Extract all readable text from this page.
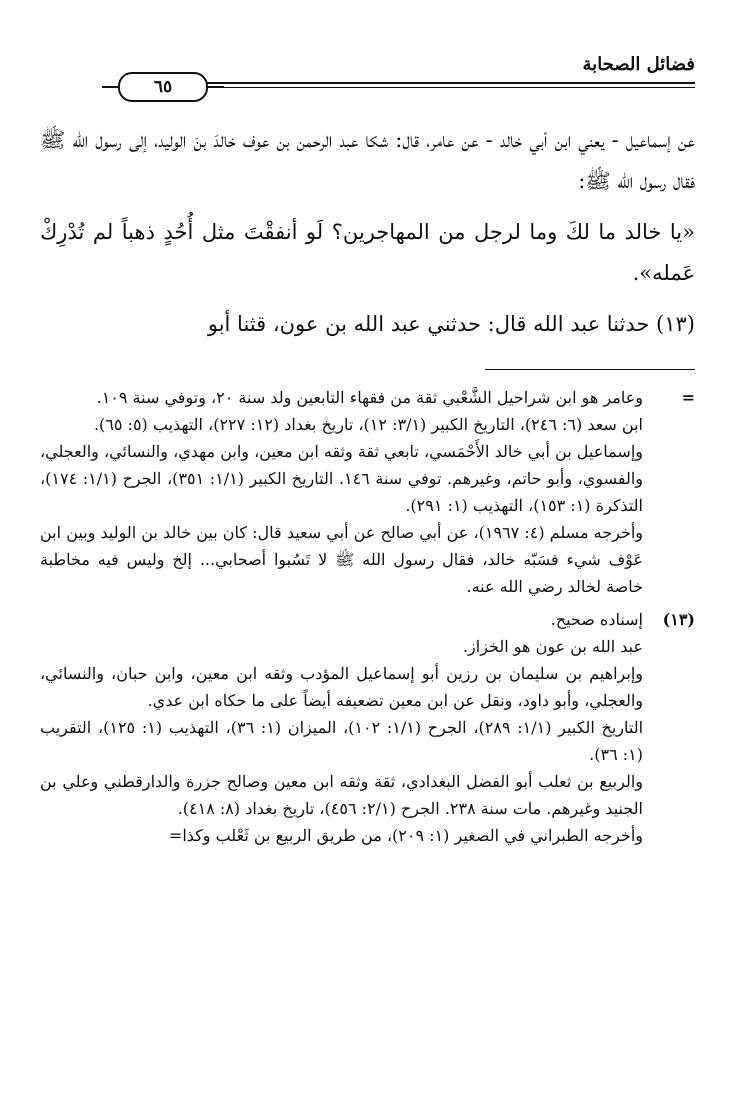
فضائل الصحابة
٦٥

عن إسماعيل - يعني ابن أبي خالد - عن عامر، قال: شكا عبد الرحمن بن عوف خالدَ بنَ الوليد، إلى رسول الله ﷺ فقال رسول الله ﷺ:

«يا خالد ما لكَ وما لرجل من المهاجرين؟ لَو أنفقْتَ مثل أُحُدٍ ذهباً لم تُدْرِكْ عَمله».

(١٣) حدثنا عبد الله قال: حدثني عبد الله بن عون، قثنا أبو

=
وعامر هو ابن شراحيل الشَّعْبي ثقة من فقهاء التابعين ولد سنة ٢٠، وتوفي سنة ١٠٩.
ابن سعد (٦: ٢٤٦)، التاريخ الكبير (٣/١: ١٢)، تاريخ بغداد (١٢: ٢٢٧)، التهذيب (٥: ٦٥).
وإسماعيل بن أبي خالد الأَحْمَسي، تابعي ثقة وثقه ابن معين، وابن مهدي، والنسائي، والعجلي، والفسوي، وأبو حاتم، وغيرهم. توفي سنة ١٤٦. التاريخ الكبير (١/١: ٣٥١)، الجرح (١/١: ١٧٤)، التذكرة (١: ١٥٣)، التهذيب (١: ٢٩١).
وأخرجه مسلم (٤: ١٩٦٧)، عن أبي صالح عن أبي سعيد قال: كان بين خالد بن الوليد وبين ابن عَوْف شيء فسَبّه خالد، فقال رسول الله ﷺ لا تَسُبوا أصحابي... إلخ وليس فيه مخاطبة خاصة لخالد رضي الله عنه.
(١٣)
إسناده صحيح.
عبد الله بن عون هو الخزاز.
وإبراهيم بن سليمان بن رزين أبو إسماعيل المؤدب وثقه ابن معين، وابن حبان، والنسائي، والعجلي، وأبو داود، ونقل عن ابن معين تضعيفه أيضاً على ما حكاه ابن عدي.
التاريخ الكبير (١/١: ٢٨٩)، الجرح (١/١: ١٠٢)، الميزان (١: ٣٦)، التهذيب (١: ١٢٥)، التقريب (١: ٣٦).
والربيع بن ثعلب أبو الفضل البغدادي، ثقة وثقه ابن معين وصالح جزرة والدارقطني وعلي بن الجنيد وغيرهم. مات سنة ٢٣٨. الجرح (٢/١: ٤٥٦)، تاريخ بغداد (٨: ٤١٨).
وأخرجه الطبراني في الصغير (١: ٢٠٩)، من طريق الربيع بن ثَعْلب وكذا=
